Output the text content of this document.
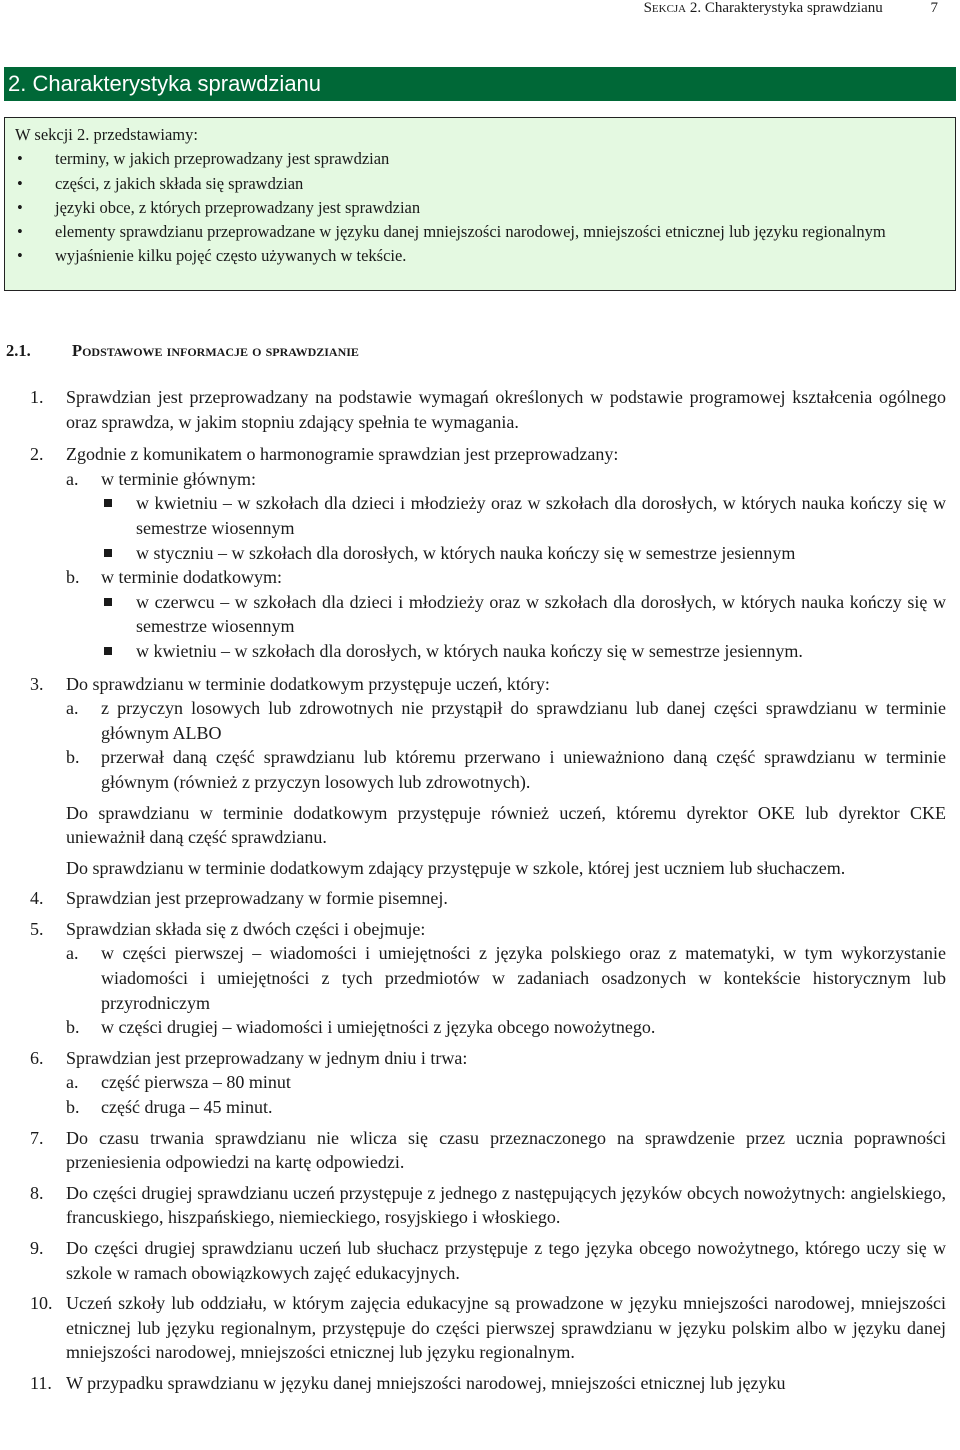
Sekcja 2. Charakterystyka sprawdzianu	7
2. Charakterystyka sprawdzianu
W sekcji 2. przedstawiamy:
• terminy, w jakich przeprowadzany jest sprawdzian
• części, z jakich składa się sprawdzian
• języki obce, z których przeprowadzany jest sprawdzian
• elementy sprawdzianu przeprowadzane w języku danej mniejszości narodowej, mniejszości etnicznej lub języku regionalnym
• wyjaśnienie kilku pojęć często używanych w tekście.
2.1.	Podstawowe informacje o sprawdzianie
1.	Sprawdzian jest przeprowadzany na podstawie wymagań określonych w podstawie programowej kształcenia ogólnego oraz sprawdza, w jakim stopniu zdający spełnia te wymagania.
2.	Zgodnie z komunikatem o harmonogramie sprawdzian jest przeprowadzany:
a.	w terminie głównym:
w kwietniu – w szkołach dla dzieci i młodzieży oraz w szkołach dla dorosłych, w których nauka kończy się w semestrze wiosennym
w styczniu – w szkołach dla dorosłych, w których nauka kończy się w semestrze jesiennym
b.	w terminie dodatkowym:
w czerwcu – w szkołach dla dzieci i młodzieży oraz w szkołach dla dorosłych, w których nauka kończy się w semestrze wiosennym
w kwietniu – w szkołach dla dorosłych, w których nauka kończy się w semestrze jesiennym.
3.	Do sprawdzianu w terminie dodatkowym przystępuje uczeń, który:
a.	z przyczyn losowych lub zdrowotnych nie przystąpił do sprawdzianu lub danej części sprawdzianu w terminie głównym ALBO
b.	przerwał daną część sprawdzianu lub któremu przerwano i unieważniono daną część sprawdzianu w terminie głównym (również z przyczyn losowych lub zdrowotnych).
Do sprawdzianu w terminie dodatkowym przystępuje również uczeń, któremu dyrektor OKE lub dyrektor CKE unieważnił daną część sprawdzianu.
Do sprawdzianu w terminie dodatkowym zdający przystępuje w szkole, której jest uczniem lub słuchaczem.
4.	Sprawdzian jest przeprowadzany w formie pisemnej.
5.	Sprawdzian składa się z dwóch części i obejmuje:
a.	w części pierwszej – wiadomości i umiejętności z języka polskiego oraz z matematyki, w tym wykorzystanie wiadomości i umiejętności z tych przedmiotów w zadaniach osadzonych w kontekście historycznym lub przyrodniczym
b.	w części drugiej – wiadomości i umiejętności z języka obcego nowożytnego.
6.	Sprawdzian jest przeprowadzany w jednym dniu i trwa:
a.	część pierwsza – 80 minut
b.	część druga – 45 minut.
7.	Do czasu trwania sprawdzianu nie wlicza się czasu przeznaczonego na sprawdzenie przez ucznia poprawności przeniesienia odpowiedzi na kartę odpowiedzi.
8.	Do części drugiej sprawdzianu uczeń przystępuje z jednego z następujących języków obcych nowożytnych: angielskiego, francuskiego, hiszpańskiego, niemieckiego, rosyjskiego i włoskiego.
9.	Do części drugiej sprawdzianu uczeń lub słuchacz przystępuje z tego języka obcego nowożytnego, którego uczy się w szkole w ramach obowiązkowych zajęć edukacyjnych.
10. Uczeń szkoły lub oddziału, w którym zajęcia edukacyjne są prowadzone w języku mniejszości narodowej, mniejszości etnicznej lub języku regionalnym, przystępuje do części pierwszej sprawdzianu w języku polskim albo w języku danej mniejszości narodowej, mniejszości etnicznej lub języku regionalnym.
11. W przypadku sprawdzianu w języku danej mniejszości narodowej, mniejszości etnicznej lub języku
